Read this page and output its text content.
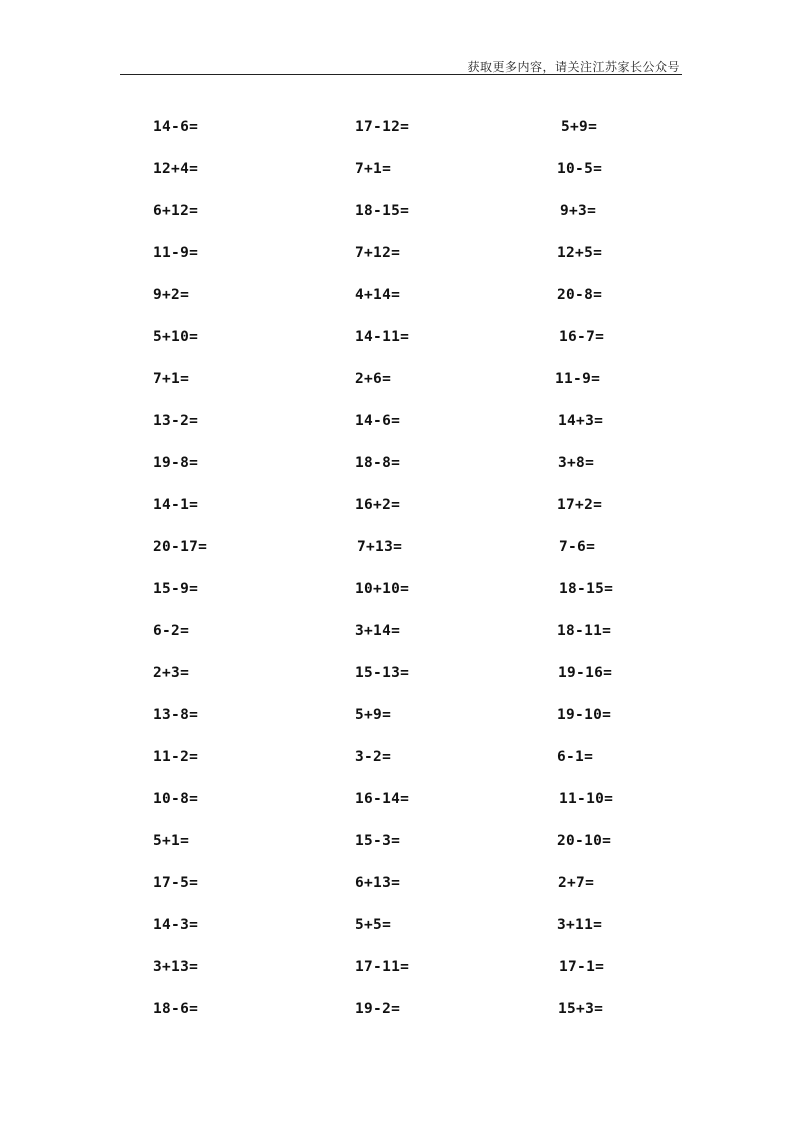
获取更多内容，请关注江苏家长公众号
14-6=	17-12=	5+9=
12+4=	7+1=	10-5=
6+12=	18-15=	9+3=
11-9=	7+12=	12+5=
9+2=	4+14=	20-8=
5+10=	14-11=	16-7=
7+1=	2+6=	11-9=
13-2=	14-6=	14+3=
19-8=	18-8=	3+8=
14-1=	16+2=	17+2=
20-17=	7+13=	7-6=
15-9=	10+10=	18-15=
6-2=	3+14=	18-11=
2+3=	15-13=	19-16=
13-8=	5+9=	19-10=
11-2=	3-2=	6-1=
10-8=	16-14=	11-10=
5+1=	15-3=	20-10=
17-5=	6+13=	2+7=
14-3=	5+5=	3+11=
3+13=	17-11=	17-1=
18-6=	19-2=	15+3=
